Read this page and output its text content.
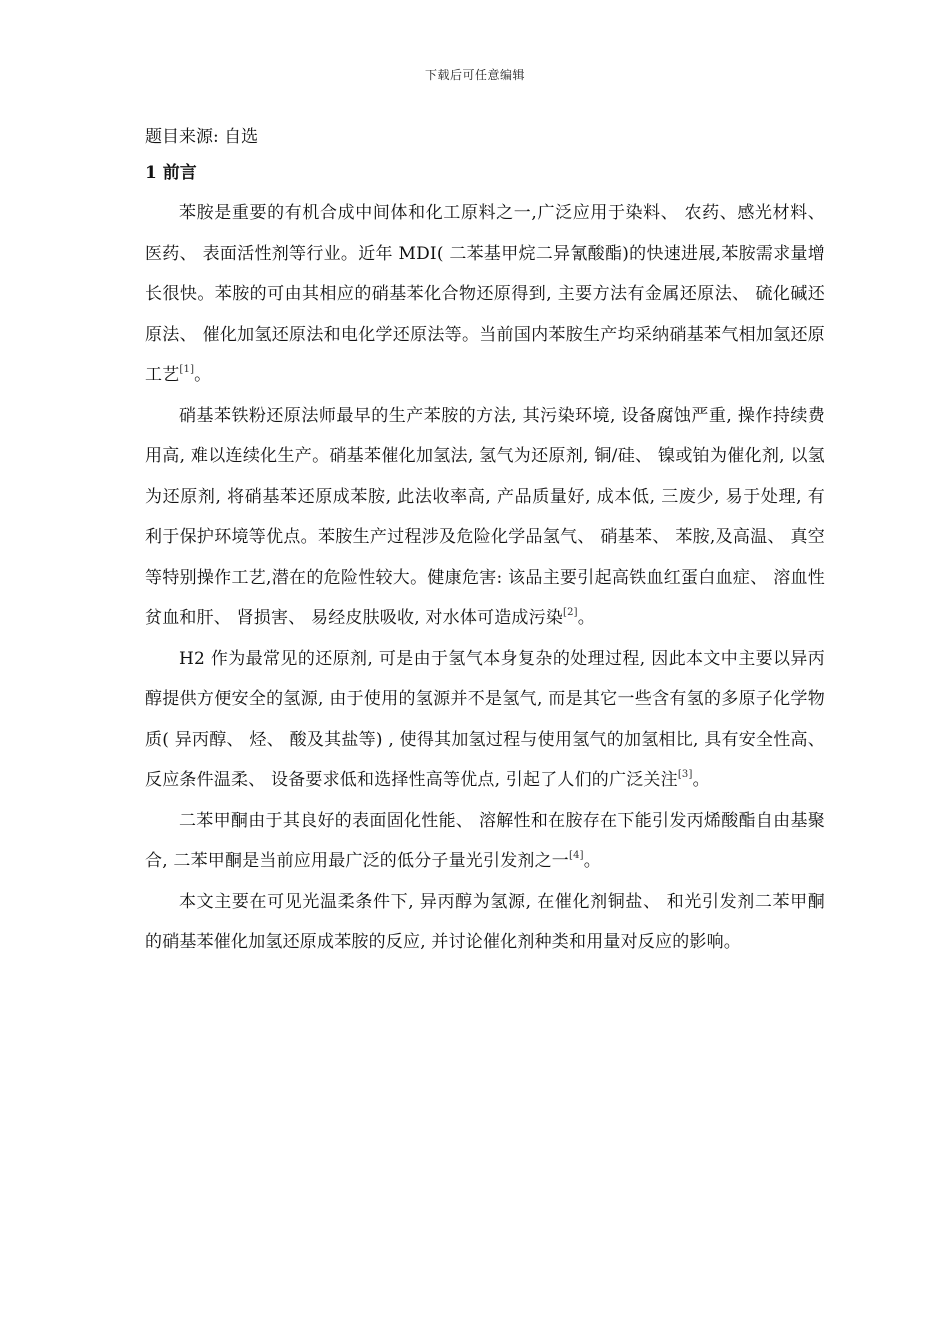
下载后可任意编辑
题目来源: 自选
1 前言

苯胺是重要的有机合成中间体和化工原料之一,广泛应用于染料、 农药、感光材料、 医药、 表面活性剂等行业。近年 MDI( 二苯基甲烷二异氰酸酯)的快速进展,苯胺需求量增长很快。苯胺的可由其相应的硝基苯化合物还原得到, 主要方法有金属还原法、 硫化碱还原法、 催化加氢还原法和电化学还原法等。当前国内苯胺生产均采纳硝基苯气相加氢还原工艺[1]。

硝基苯铁粉还原法师最早的生产苯胺的方法, 其污染环境, 设备腐蚀严重, 操作持续费用高, 难以连续化生产。硝基苯催化加氢法, 氢气为还原剂, 铜/硅、 镍或铂为催化剂, 以氢为还原剂, 将硝基苯还原成苯胺, 此法收率高, 产品质量好, 成本低, 三废少, 易于处理, 有利于保护环境等优点。苯胺生产过程涉及危险化学品氢气、 硝基苯、 苯胺,及高温、 真空等特别操作工艺,潜在的危险性较大。健康危害: 该品主要引起高铁血红蛋白血症、 溶血性贫血和肝、 肾损害、 易经皮肤吸收, 对水体可造成污染[2]。

H2 作为最常见的还原剂, 可是由于氢气本身复杂的处理过程, 因此本文中主要以异丙醇提供方便安全的氢源, 由于使用的氢源并不是氢气, 而是其它一些含有氢的多原子化学物质( 异丙醇、 烃、 酸及其盐等) , 使得其加氢过程与使用氢气的加氢相比, 具有安全性高、 反应条件温柔、 设备要求低和选择性高等优点, 引起了人们的广泛关注[3]。

二苯甲酮由于其良好的表面固化性能、 溶解性和在胺存在下能引发丙烯酸酯自由基聚合, 二苯甲酮是当前应用最广泛的低分子量光引发剂之一[4]。

本文主要在可见光温柔条件下, 异丙醇为氢源, 在催化剂铜盐、 和光引发剂二苯甲酮的硝基苯催化加氢还原成苯胺的反应, 并讨论催化剂种类和用量对反应的影响。
